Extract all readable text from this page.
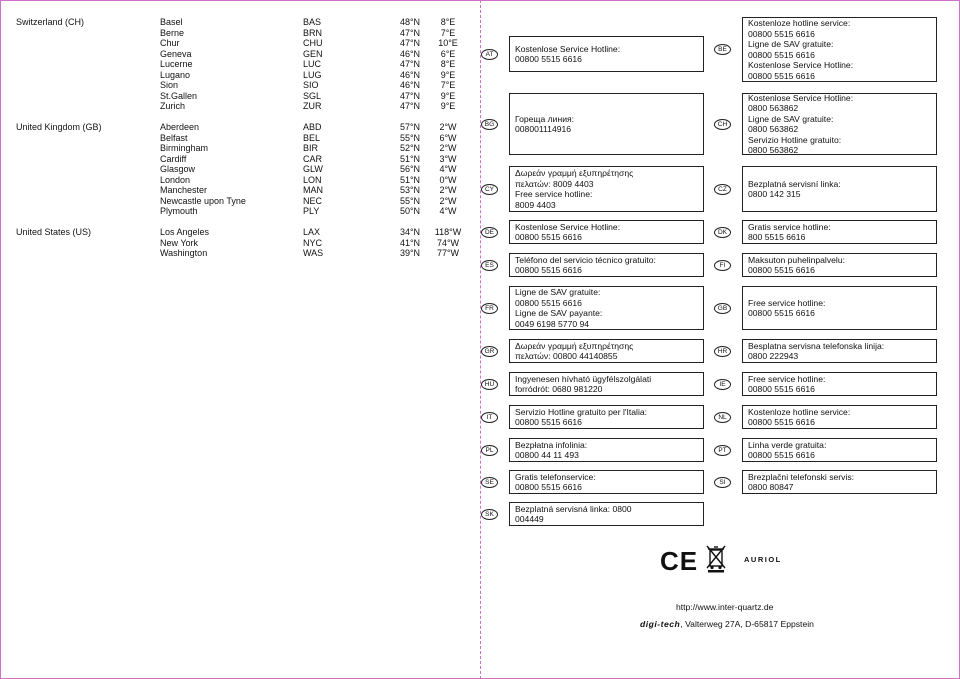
Switzerland (CH)	Basel	BAS	48°N	8°E
Berne	BRN	47°N	7°E
Chur	CHU	47°N	10°E
Geneva	GEN	46°N	6°E
Lucerne	LUC	47°N	8°E
Lugano	LUG	46°N	9°E
Sion	SIO	46°N	7°E
St.Gallen	SGL	47°N	9°E
Zurich	ZUR	47°N	9°E
United Kingdom (GB)	Aberdeen	ABD	57°N	2°W
Belfast	BEL	55°N	6°W
Birmingham	BIR	52°N	2°W
Cardiff	CAR	51°N	3°W
Glasgow	GLW	56°N	4°W
London	LON	51°N	0°W
Manchester	MAN	53°N	2°W
Newcastle upon Tyne	NEC	55°N	2°W
Plymouth	PLY	50°N	4°W
United States (US)	Los Angeles	LAX	34°N	118°W
New York	NYC	41°N	74°W
Washington	WAS	39°N	77°W
AT
Kostenlose Service Hotline:
00800 5515 6616
BE
Kostenloze hotline service:
00800 5515 6616
Ligne de SAV gratuite:
00800 5515 6616
Kostenlose Service Hotline:
00800 5515 6616
BG
Гореща линия:
008001114916	CH
Kostenlose Service Hotline:
0800 563862
Ligne de SAV gratuite:
0800 563862
Servizio Hotline gratuito:
0800 563862
CY
Δωρεάν γραμμή εξυπηρέτησης
πελατών: 8009 4403
Free service hotline:
8009 4403
CZ
Bezplatná servisní linka:
0800 142 315
DE
Kostenlose Service Hotline:
00800 5515 6616	DK
Gratis service hotline:
800 5515 6616
ES
Teléfono del servicio técnico gratuito:
00800 5515 6616	FI
Maksuton puhelinpalvelu:
00800 5515 6616
FR
Ligne de SAV gratuite:
00800 5515 6616
Ligne de SAV payante:
0049 6198 5770 94
GB
Free service hotline:
00800 5515 6616
GR
Δωρεάν γραμμή εξυπηρέτησης
πελατών: 00800 44140855	HR
Besplatna servisna telefonska linija:
0800 222943
HU
Ingyenesen hívható ügyfélszolgálati
forródrót: 0680 981220	IE
Free service hotline:
00800 5515 6616
IT
Servizio Hotline gratuito per l'Italia:
00800 5515 6616	NL
Kostenloze hotline service:
00800 5515 6616
PL
Bezpłatna infolinia:
00800 44 11 493	PT
Linha verde gratuita:
00800 5515 6616
SE
Gratis telefonservice:
00800 5515 6616	SI
Brezplačni telefonski servis:
0800 80847
SK
Bezplatná servisná linka: 0800
004449
CE	AURIOL
http://www.inter-quartz.de
digi-tech, Valterweg 27A, D-65817 Eppstein
